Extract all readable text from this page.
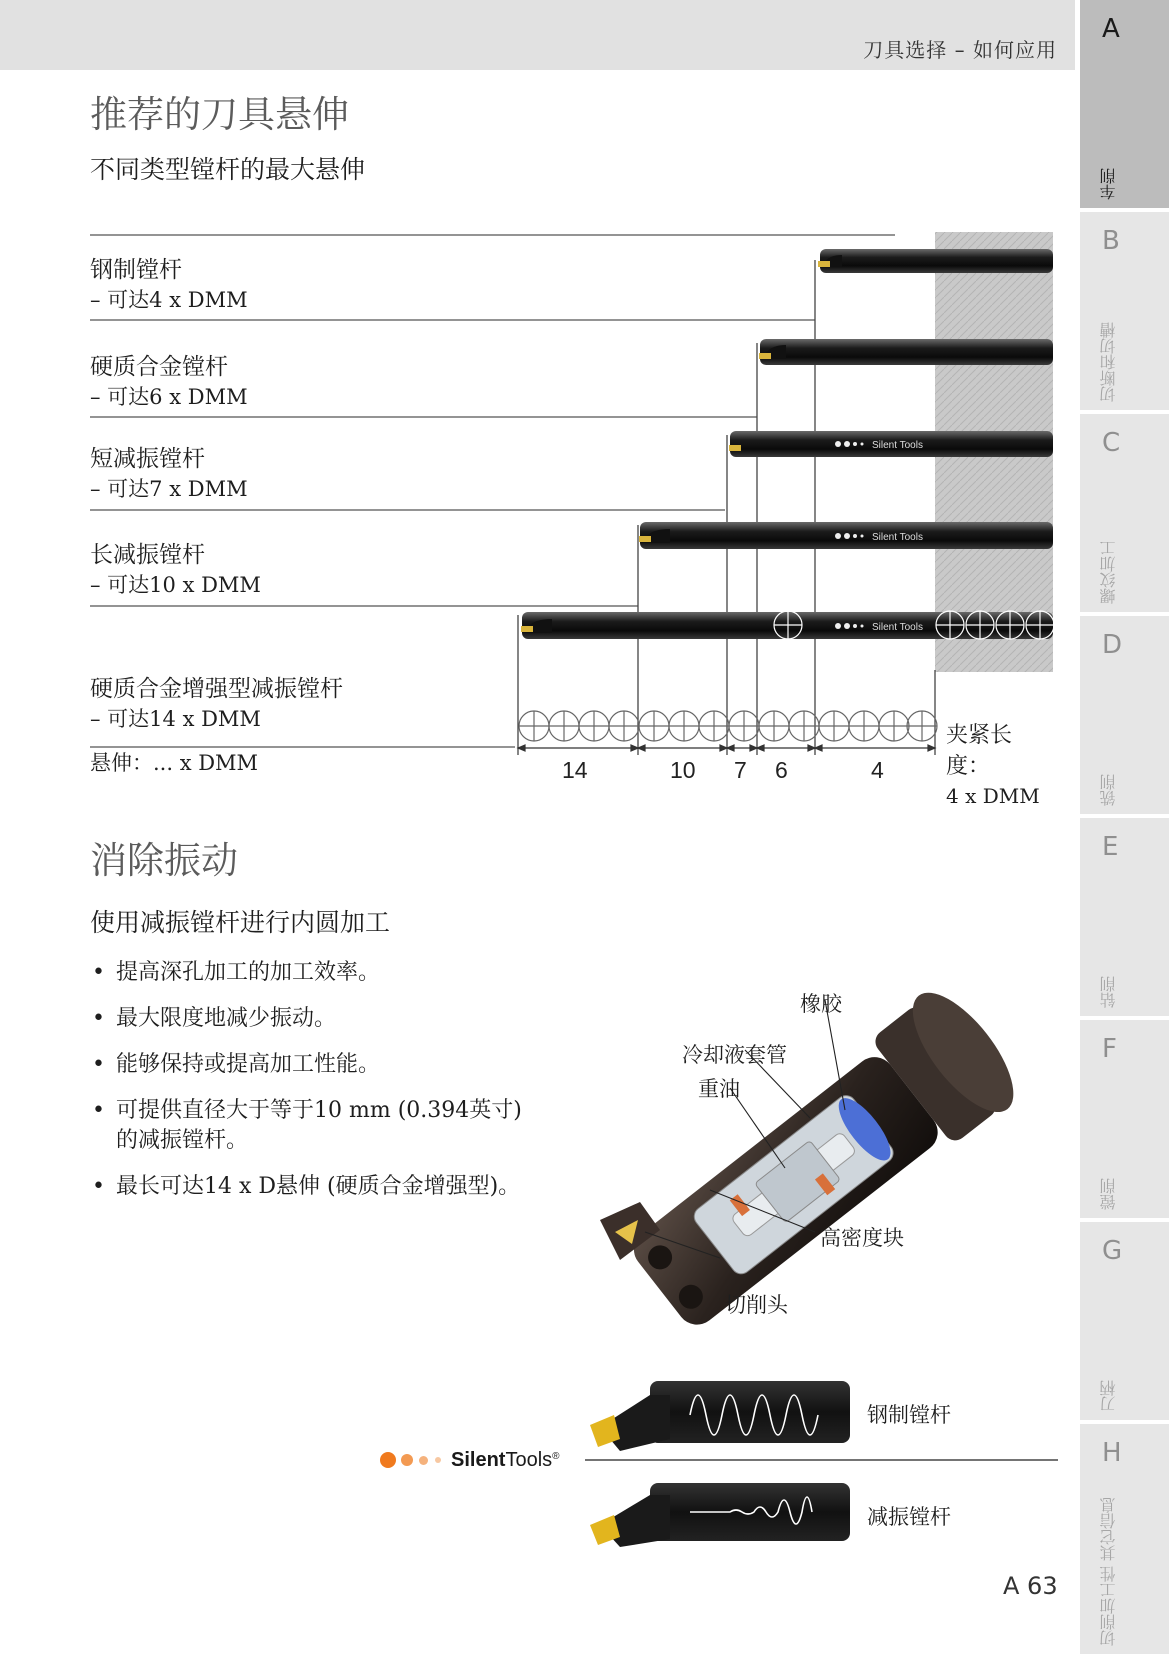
刀具选择 – 如何应用
A
车削
B
切断和切槽
C
螺纹加工
D
铣削
E
钻削
F
镗削
G
刀柄
H
切削加工性 其它信息
推荐的刀具悬伸
不同类型镗杆的最大悬伸
Silent Tools
Silent Tools
Silent Tools
钢制镗杆
– 可达4 x DMM
硬质合金镗杆
– 可达6 x DMM
短减振镗杆
– 可达7 x DMM
长减振镗杆
– 可达10 x DMM
硬质合金增强型减振镗杆
– 可达14 x DMM
悬伸：... x DMM	14	10 7 6	4
夹紧长度：
4 x DMM
消除振动
使用减振镗杆进行内圆加工
• 提高深孔加工的加工效率。
• 最大限度地减少振动。
• 能够保持或提高加工性能。
• 可提供直径大于等于10 mm (0.394英寸) 的减振镗杆。
• 最长可达14 x D悬伸 (硬质合金增强型)。
橡胶
冷却液套管
重油
高密度块
切削头
钢制镗杆
减振镗杆
Silent Tools ®
A 63
